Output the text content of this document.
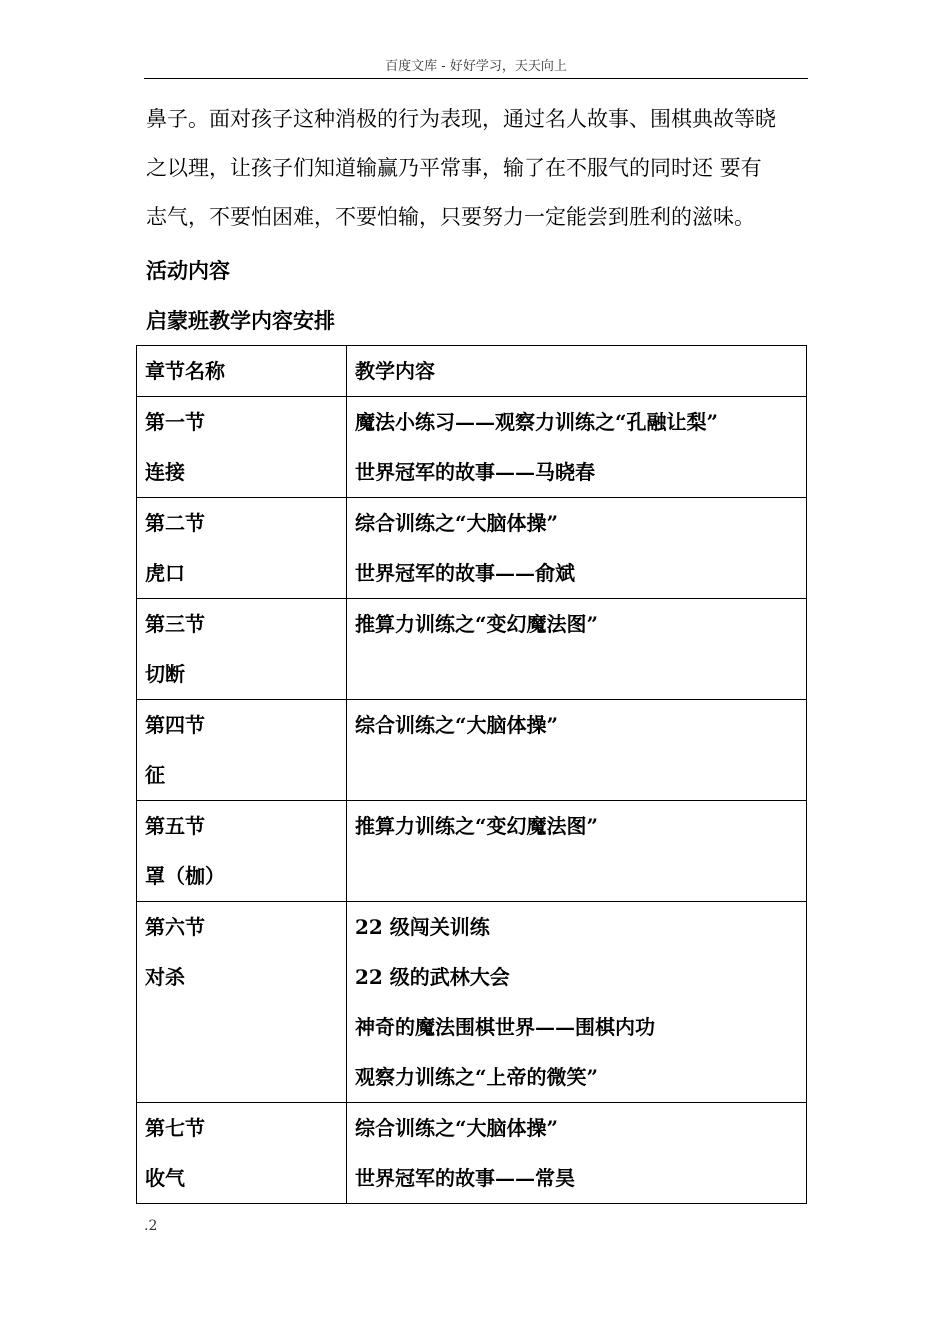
百度文库 - 好好学习，天天向上
鼻子。面对孩子这种消极的行为表现，通过名人故事、围棋典故等晓
之以理，让孩子们知道输赢乃平常事，输了在不服气的同时还 要有
志气，不要怕困难，不要怕输，只要努力一定能尝到胜利的滋味。
活动内容
启蒙班教学内容安排
章节名称	教学内容

第一节
连接	魔法小练习——观察力训练之“孔融让梨”
世界冠军的故事——马晓春

第二节
虎口	综合训练之“大脑体操”
世界冠军的故事——俞斌

第三节
切断	推算力训练之“变幻魔法图”

第四节
征	综合训练之“大脑体操”

第五节
罩（枷）	推算力训练之“变幻魔法图”

第六节
对杀	22 级闯关训练
22 级的武林大会
神奇的魔法围棋世界——围棋内功
观察力训练之“上帝的微笑”

第七节
收气	综合训练之“大脑体操”
世界冠军的故事——常昊
.2
